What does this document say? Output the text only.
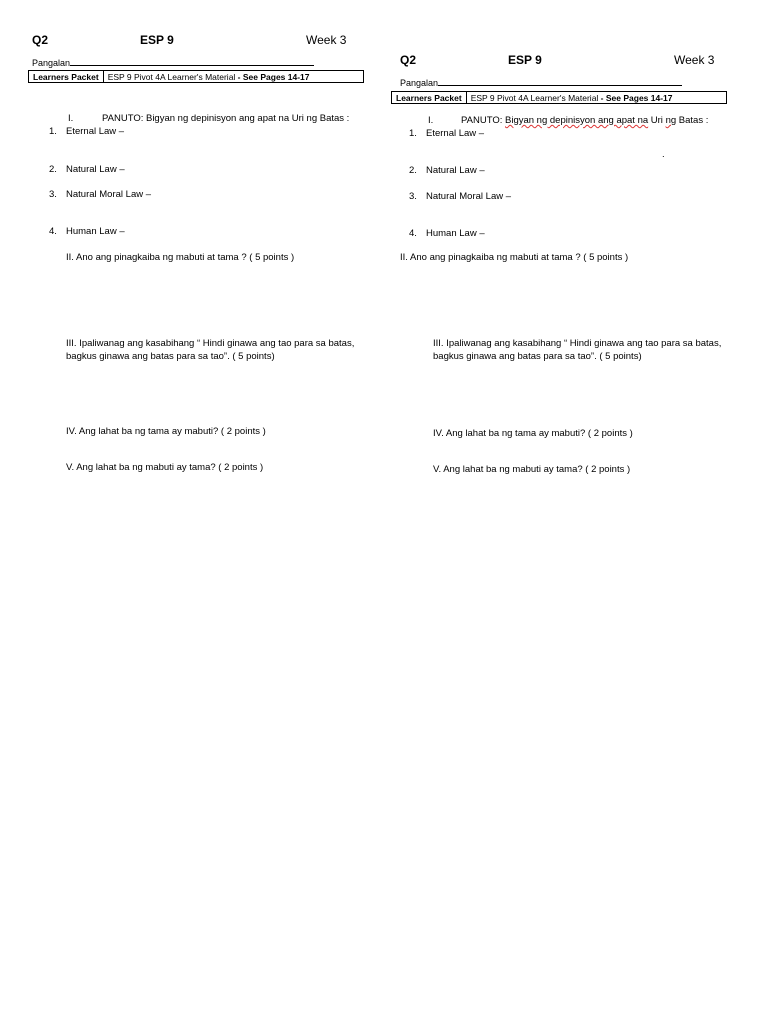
Q2	ESP 9	Week 3
Pangalan
Learners Packet	ESP 9 Pivot 4A Learner's Material - See Pages 14-17
I.	PANUTO: Bigyan ng depinisyon ang apat na Uri ng Batas :
1. Eternal Law –
2. Natural Law –
3. Natural Moral Law –
4. Human Law –
II. Ano ang pinagkaiba ng mabuti at tama ? ( 5 points )
III. Ipaliwanag ang kasabihang “ Hindi ginawa ang tao para sa batas, bagkus ginawa ang batas para sa tao”. ( 5 points)
IV. Ang lahat ba ng tama ay mabuti? ( 2 points )
V. Ang lahat ba ng mabuti ay tama? ( 2 points )
Q2	ESP 9	Week 3
Pangalan
Learners Packet	ESP 9 Pivot 4A Learner's Material - See Pages 14-17
I.	PANUTO: Bigyan ng depinisyon ang apat na Uri ng Batas :
1. Eternal Law –
.
2. Natural Law –
3. Natural Moral Law –
4. Human Law –
II. Ano ang pinagkaiba ng mabuti at tama ? ( 5 points )
III. Ipaliwanag ang kasabihang “ Hindi ginawa ang tao para sa batas, bagkus ginawa ang batas para sa tao”. ( 5 points)
IV. Ang lahat ba ng tama ay mabuti? ( 2 points )
V. Ang lahat ba ng mabuti ay tama? ( 2 points )
